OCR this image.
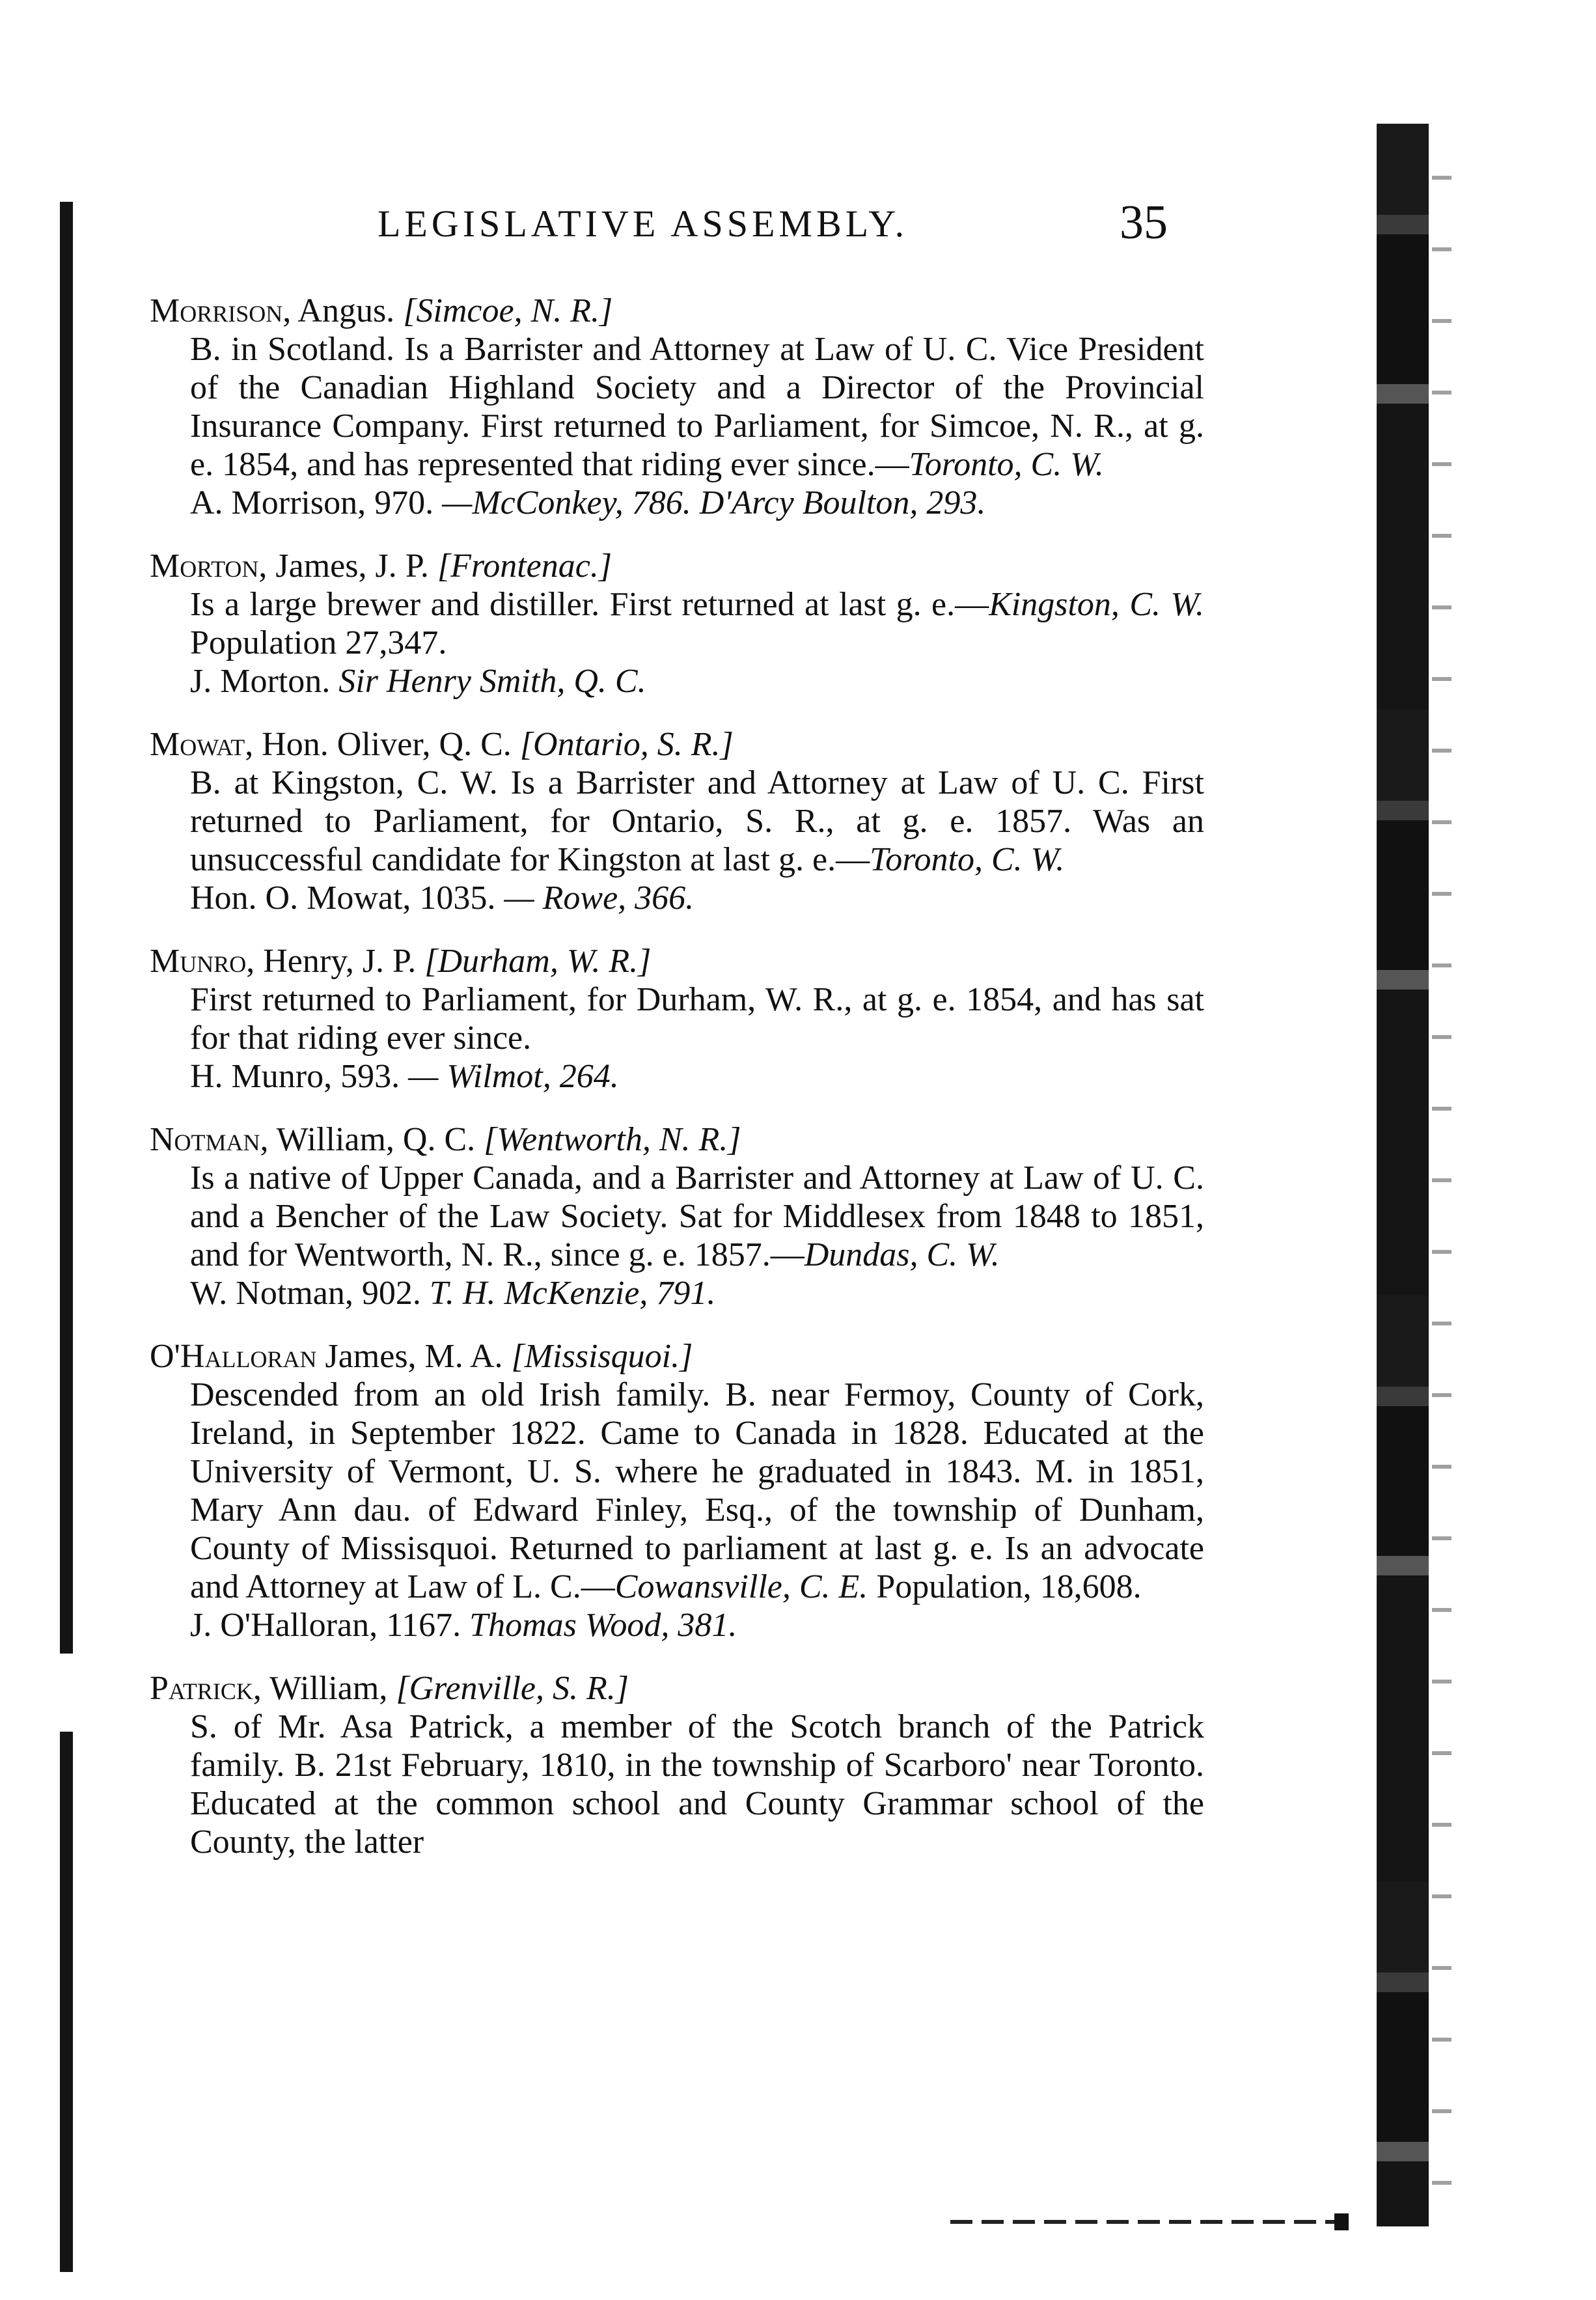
LEGISLATIVE ASSEMBLY.	35

Morrison, Angus. [Simcoe, N. R.]

B. in Scotland. Is a Barrister and Attorney at Law of U. C. Vice President of the Canadian Highland Society and a Director of the Provincial Insurance Company. First returned to Parliament, for Simcoe, N. R., at g. e. 1854, and has represented that riding ever since.—Toronto, C. W.

A. Morrison, 970. —McConkey, 786. D'Arcy Boulton, 293.

Morton, James, J. P. [Frontenac.]

Is a large brewer and distiller. First returned at last g. e.—Kingston, C. W. Population 27,347.

J. Morton. Sir Henry Smith, Q. C.

Mowat, Hon. Oliver, Q. C. [Ontario, S. R.]

B. at Kingston, C. W. Is a Barrister and Attorney at Law of U. C. First returned to Parliament, for Ontario, S. R., at g. e. 1857. Was an unsuccessful candidate for Kingston at last g. e.—Toronto, C. W.

Hon. O. Mowat, 1035. — Rowe, 366.

Munro, Henry, J. P. [Durham, W. R.]

First returned to Parliament, for Durham, W. R., at g. e. 1854, and has sat for that riding ever since.

H. Munro, 593. — Wilmot, 264.

Notman, William, Q. C. [Wentworth, N. R.]

Is a native of Upper Canada, and a Barrister and Attorney at Law of U. C. and a Bencher of the Law Society. Sat for Middlesex from 1848 to 1851, and for Wentworth, N. R., since g. e. 1857.—Dundas, C. W.

W. Notman, 902. T. H. McKenzie, 791.

O'Halloran James, M. A. [Missisquoi.]

Descended from an old Irish family. B. near Fermoy, County of Cork, Ireland, in September 1822. Came to Canada in 1828. Educated at the University of Vermont, U. S. where he graduated in 1843. M. in 1851, Mary Ann dau. of Edward Finley, Esq., of the township of Dunham, County of Missisquoi. Returned to parliament at last g. e. Is an advocate and Attorney at Law of L. C.—Cowansville, C. E. Population, 18,608.

J. O'Halloran, 1167. Thomas Wood, 381.

Patrick, William, [Grenville, S. R.]

S. of Mr. Asa Patrick, a member of the Scotch branch of the Patrick family. B. 21st February, 1810, in the township of Scarboro' near Toronto. Educated at the common school and County Grammar school of the County, the latter
